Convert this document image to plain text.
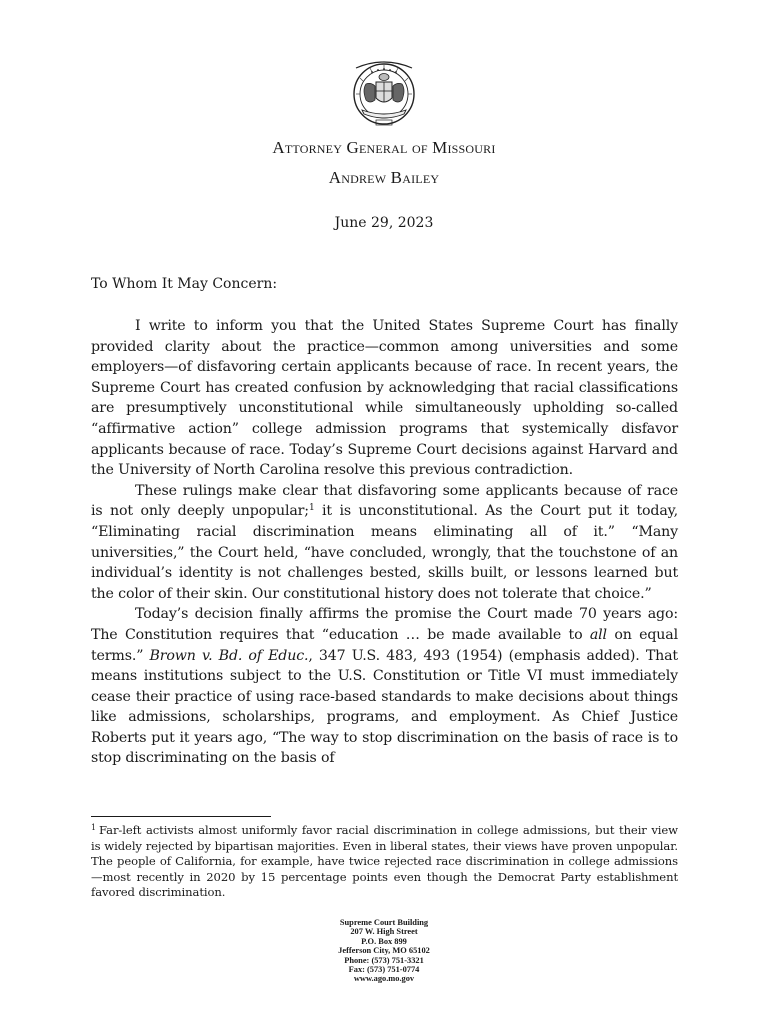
Attorney General of Missouri
Andrew Bailey
June 29, 2023
To Whom It May Concern:

I write to inform you that the United States Supreme Court has finally provided clarity about the practice—common among universities and some employers—of disfavoring certain applicants because of race. In recent years, the Supreme Court has created confusion by acknowledging that racial classifications are presumptively unconstitutional while simultaneously upholding so-called “affirmative action” college admission programs that systemically disfavor applicants because of race. Today’s Supreme Court decisions against Harvard and the University of North Carolina resolve this previous contradiction.

These rulings make clear that disfavoring some applicants because of race is not only deeply unpopular;$^1$ it is unconstitutional. As the Court put it today, “Eliminating racial discrimination means eliminating all of it.” “Many universities,” the Court held, “have concluded, wrongly, that the touchstone of an individual’s identity is not challenges bested, skills built, or lessons learned but the color of their skin. Our constitutional history does not tolerate that choice.”

Today’s decision finally affirms the promise the Court made 70 years ago: The Constitution requires that “education … be made available to all on equal terms.” Brown v. Bd. of Educ., 347 U.S. 483, 493 (1954) (emphasis added). That means institutions subject to the U.S. Constitution or Title VI must immediately cease their practice of using race-based standards to make decisions about things like admissions, scholarships, programs, and employment. As Chief Justice Roberts put it years ago, “The way to stop discrimination on the basis of race is to stop discriminating on the basis of

$^1$ Far-left activists almost uniformly favor racial discrimination in college admissions, but their view is widely rejected by bipartisan majorities. Even in liberal states, their views have proven unpopular. The people of California, for example, have twice rejected race discrimination in college admissions—most recently in 2020 by 15 percentage points even though the Democrat Party establishment favored discrimination.
Supreme Court Building
207 W. High Street
P.O. Box 899
Jefferson City, MO 65102
Phone: (573) 751-3321
Fax: (573) 751-0774
www.ago.mo.gov
